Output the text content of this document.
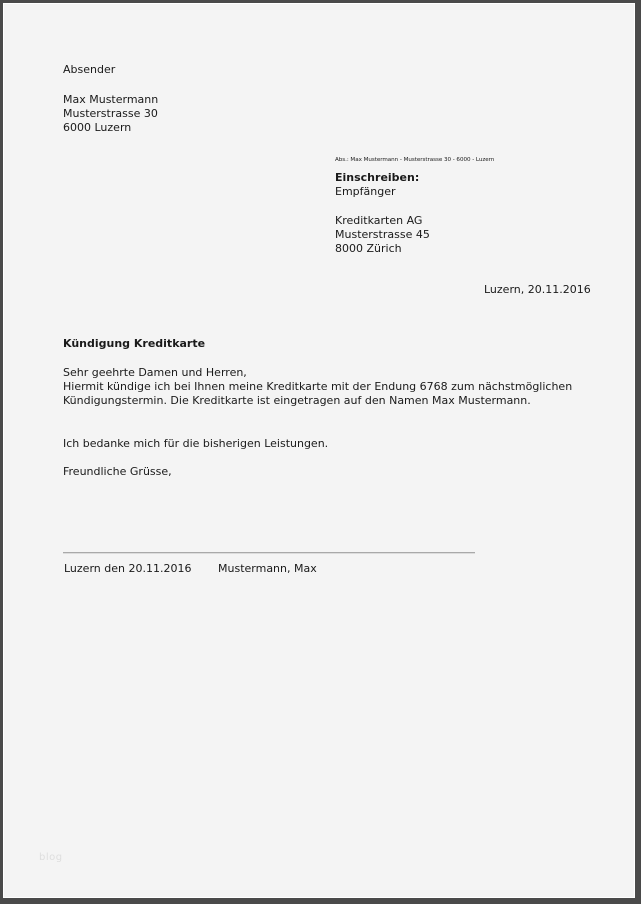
Absender
Max Mustermann
Musterstrasse 30
6000 Luzern
Abs.: Max Mustermann - Musterstrasse 30 - 6000 - Luzern
Einschreiben:
Empfänger
Kreditkarten AG
Musterstrasse 45
8000 Zürich
Luzern, 20.11.2016
Kündigung Kreditkarte
Sehr geehrte Damen und Herren,
Hiermit kündige ich bei Ihnen meine Kreditkarte mit der Endung 6768 zum nächstmöglichen
Kündigungstermin. Die Kreditkarte ist eingetragen auf den Namen Max Mustermann.
Ich bedanke mich für die bisherigen Leistungen.
Freundliche Grüsse,
Luzern den 20.11.2016 Mustermann, Max
blog
